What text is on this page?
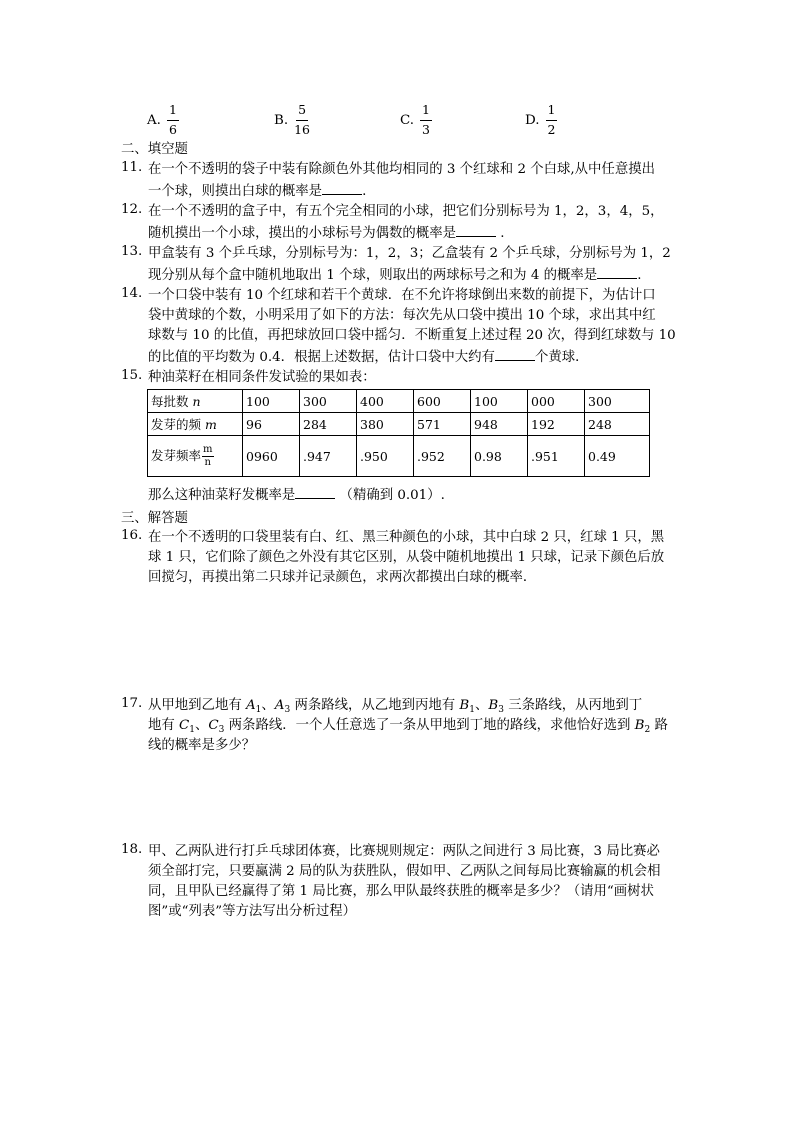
A. $\frac{1}{6}$	B. $\frac{5}{16}$	C. $\frac{1}{3}$	D. $\frac{1}{2}$
二、填空题
11. 在一个不透明的袋子中装有除颜色外其他均相同的 3 个红球和 2 个白球,从中任意摸出
一个球，则摸出白球的概率是	.
12. 在一个不透明的盒子中，有五个完全相同的小球，把它们分别标号为 1，2，3，4，5，
随机摸出一个小球，摸出的小球标号为偶数的概率是	.
13. 甲盒装有 3 个乒乓球，分别标号为：1，2，3；乙盒装有 2 个乒乓球，分别标号为 1，2
现分别从每个盒中随机地取出 1 个球，则取出的两球标号之和为 4 的概率是	.
14. 一个口袋中装有 10 个红球和若干个黄球．在不允许将球倒出来数的前提下，为估计口
袋中黄球的个数，小明采用了如下的方法：每次先从口袋中摸出 10 个球，求出其中红
球数与 10 的比值，再把球放回口袋中摇匀．不断重复上述过程 20 次，得到红球数与 10
的比值的平均数为 0.4．根据上述数据，估计口袋中大约有	个黄球．
15. 种油菜籽在相同条件发试验的果如表：
每批数 n	100	300	400	600	100	000	300
发芽的频 m	96	284	380	571	948	192	248
发芽频率 $\frac{m}{n}$	0960	.947	.950	.952	0.98	.951	0.49
那么这种油菜籽发概率是	（精确到 0.01）.
三、解答题
16. 在一个不透明的口袋里装有白、红、黑三种颜色的小球，其中白球 2 只，红球 1 只，黑
球 1 只，它们除了颜色之外没有其它区别，从袋中随机地摸出 1 只球，记录下颜色后放
回搅匀，再摸出第二只球并记录颜色，求两次都摸出白球的概率．
17. 从甲地到乙地有 $A_1$、$A_3$ 两条路线，从乙地到丙地有 $B_1$、$B_3$ 三条路线，从丙地到丁
地有 $C_1$、$C_3$ 两条路线．一个人任意选了一条从甲地到丁地的路线，求他恰好选到 $B_2$ 路
线的概率是多少？
18. 甲、乙两队进行打乒乓球团体赛，比赛规则规定：两队之间进行 3 局比赛，3 局比赛必
须全部打完，只要赢满 2 局的队为获胜队，假如甲、乙两队之间每局比赛输赢的机会相
同，且甲队已经赢得了第 1 局比赛，那么甲队最终获胜的概率是多少？（请用“画树状
图”或“列表”等方法写出分析过程）
